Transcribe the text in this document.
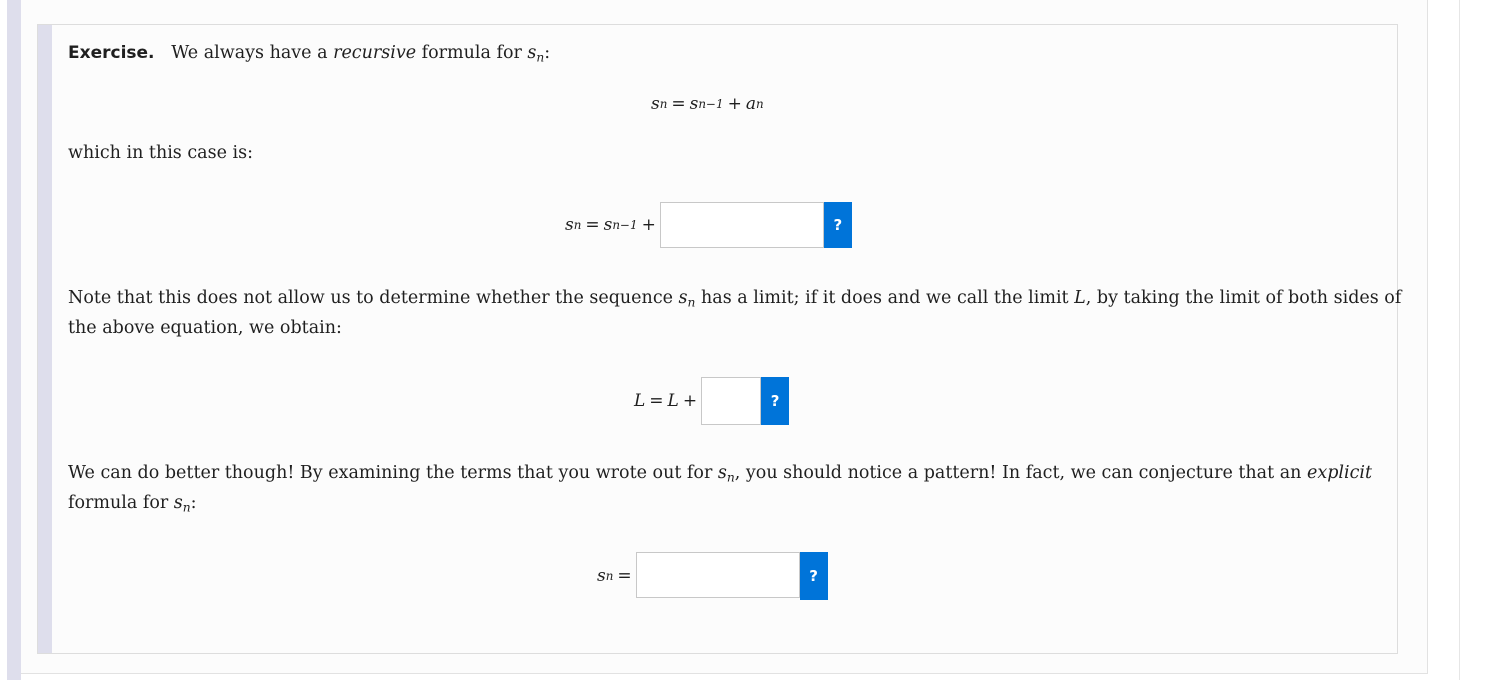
Exercise. We always have a recursive formula for $s_n$:
s n = s n−1 + a n
which in this case is:
s n = s n−1 +	?
Note that this does not allow us to determine whether the sequence $s_n$ has a limit; if it does and we call the limit L, by taking the limit of both sides of
the above equation, we obtain:
L = L +	?
We can do better though! By examining the terms that you wrote out for $s_n$, you should notice a pattern! In fact, we can conjecture that an explicit
formula for $s_n$:
s n =	?
